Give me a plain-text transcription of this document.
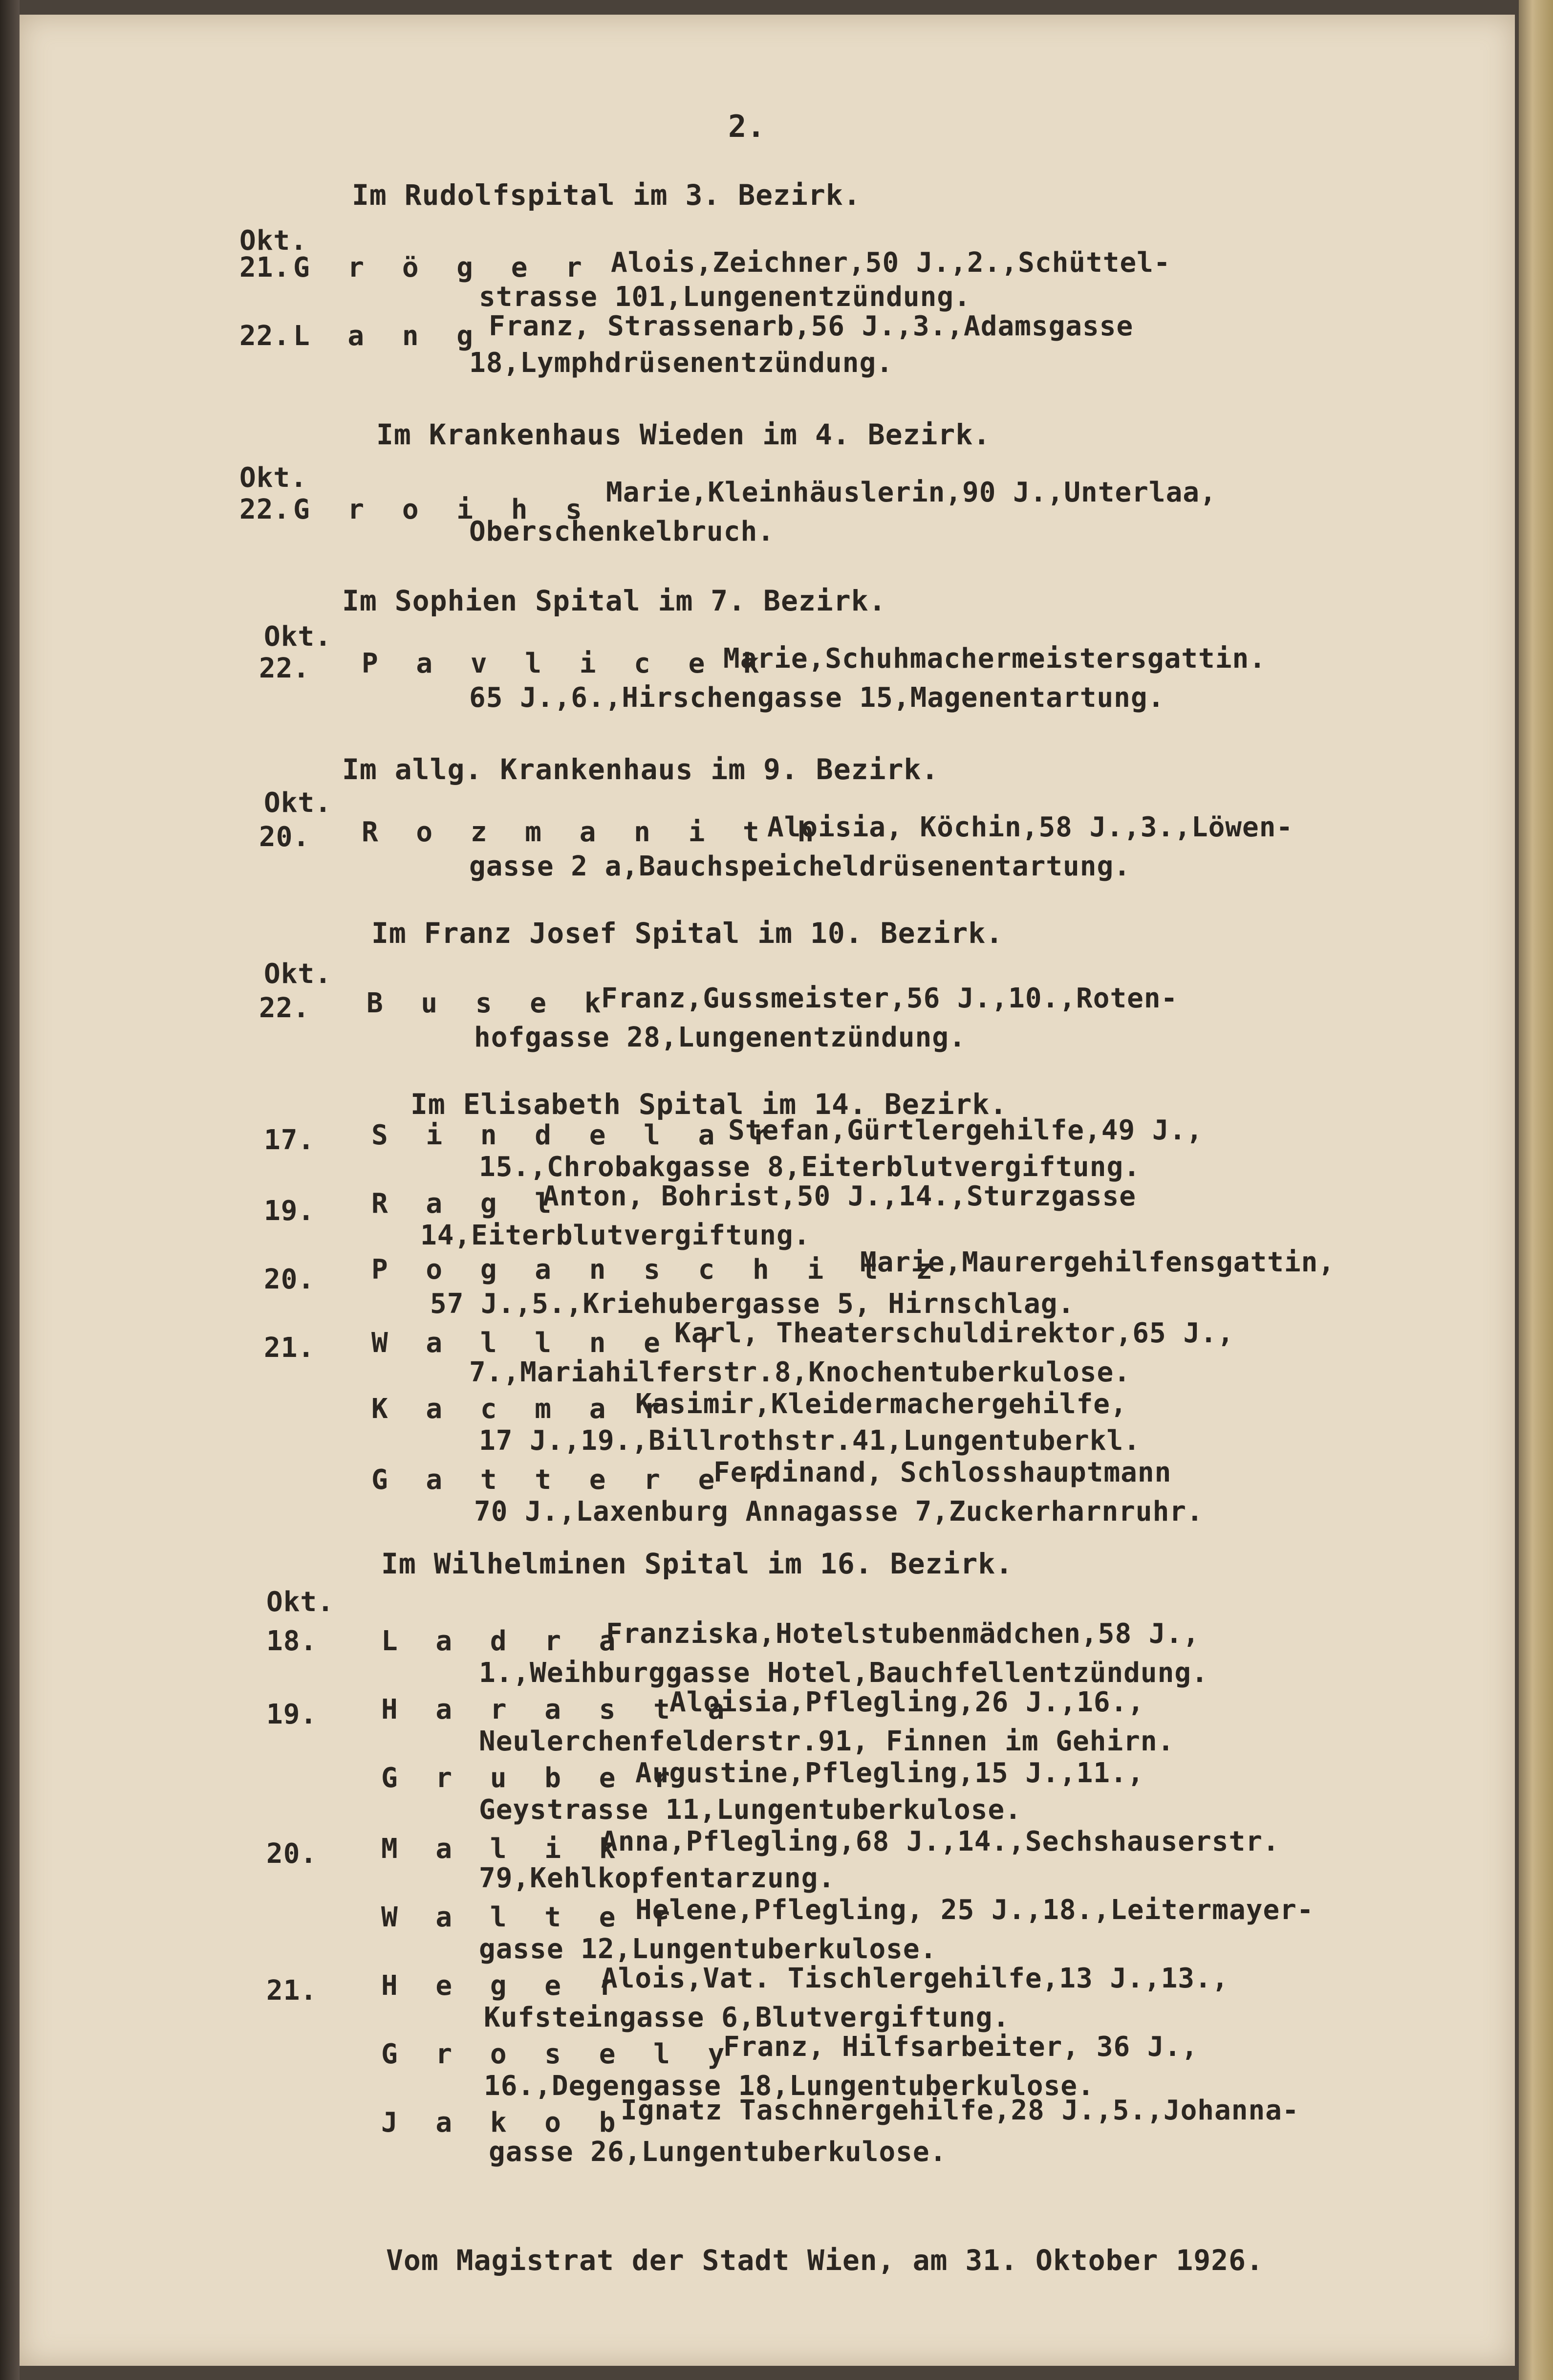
2.
Im Rudolfspital im 3. Bezirk.
Okt.
21. G r ö g e r Alois,Zeichner,50 J.,2.,Schüttel-
strasse 101,Lungenentzündung.
22. L a n g Franz, Strassenarb,56 J.,3.,Adamsgasse
18,Lymphdrüsenentzündung.
Im Krankenhaus Wieden im 4. Bezirk.
Okt.
22. G r o i h s
Marie,Kleinhäuslerin,90 J.,Unterlaa,
Oberschenkelbruch.
Im Sophien Spital im 7. Bezirk.
Okt.
22. P a v l i c e k
Marie,Schuhmachermeistersgattin.
65 J.,6.,Hirschengasse 15,Magenentartung.
Im allg. Krankenhaus im 9. Bezirk.
Okt.
20. R o z m a n i t h
Aloisia, Köchin,58 J.,3.,Löwen-
gasse 2 a,Bauchspeicheldrüsenentartung.
Im Franz Josef Spital im 10. Bezirk.
Okt.
22. B u s e k
Franz,Gussmeister,56 J.,10.,Roten-
hofgasse 28,Lungenentzündung.
Im Elisabeth Spital im 14. Bezirk.
17. S i n d e l a r
Stefan,Gürtlergehilfe,49 J.,
15.,Chrobakgasse 8,Eiterblutvergiftung.
19. R a g l
Anton, Bohrist,50 J.,14.,Sturzgasse
14,Eiterblutvergiftung.
20. P o g a n s c h i t z
Marie,Maurergehilfensgattin,
57 J.,5.,Kriehubergasse 5, Hirnschlag.
21. W a l l n e r
Karl, Theaterschuldirektor,65 J.,
7.,Mariahilferstr.8,Knochentuberkulose.
K a c m a r
Kasimir,Kleidermachergehilfe,
17 J.,19.,Billrothstr.41,Lungentuberkl.
G a t t e r e r
Ferdinand, Schlosshauptmann
70 J.,Laxenburg Annagasse 7,Zuckerharnruhr.
Im Wilhelminen Spital im 16. Bezirk.
Okt.
18. L a d r a
Franziska,Hotelstubenmädchen,58 J.,
1.,Weihburggasse Hotel,Bauchfellentzündung.
19. H a r a s t a
Aloisia,Pflegling,26 J.,16.,
Neulerchenfelderstr.91, Finnen im Gehirn.
G r u b e r
Augustine,Pflegling,15 J.,11.,
Geystrasse 11,Lungentuberkulose.
20. M a l i k
Anna,Pflegling,68 J.,14.,Sechshauserstr.
79,Kehlkopfentarzung.
W a l t e r
Helene,Pflegling, 25 J.,18.,Leitermayer-
gasse 12,Lungentuberkulose.
21. H e g e r
Alois,Vat. Tischlergehilfe,13 J.,13.,
Kufsteingasse 6,Blutvergiftung.
G r o s e l y
Franz, Hilfsarbeiter, 36 J.,
16.,Degengasse 18,Lungentuberkulose.
J a k o b
Ignatz Taschnergehilfe,28 J.,5.,Johanna-
gasse 26,Lungentuberkulose.
Vom Magistrat der Stadt Wien, am 31. Oktober 1926.
